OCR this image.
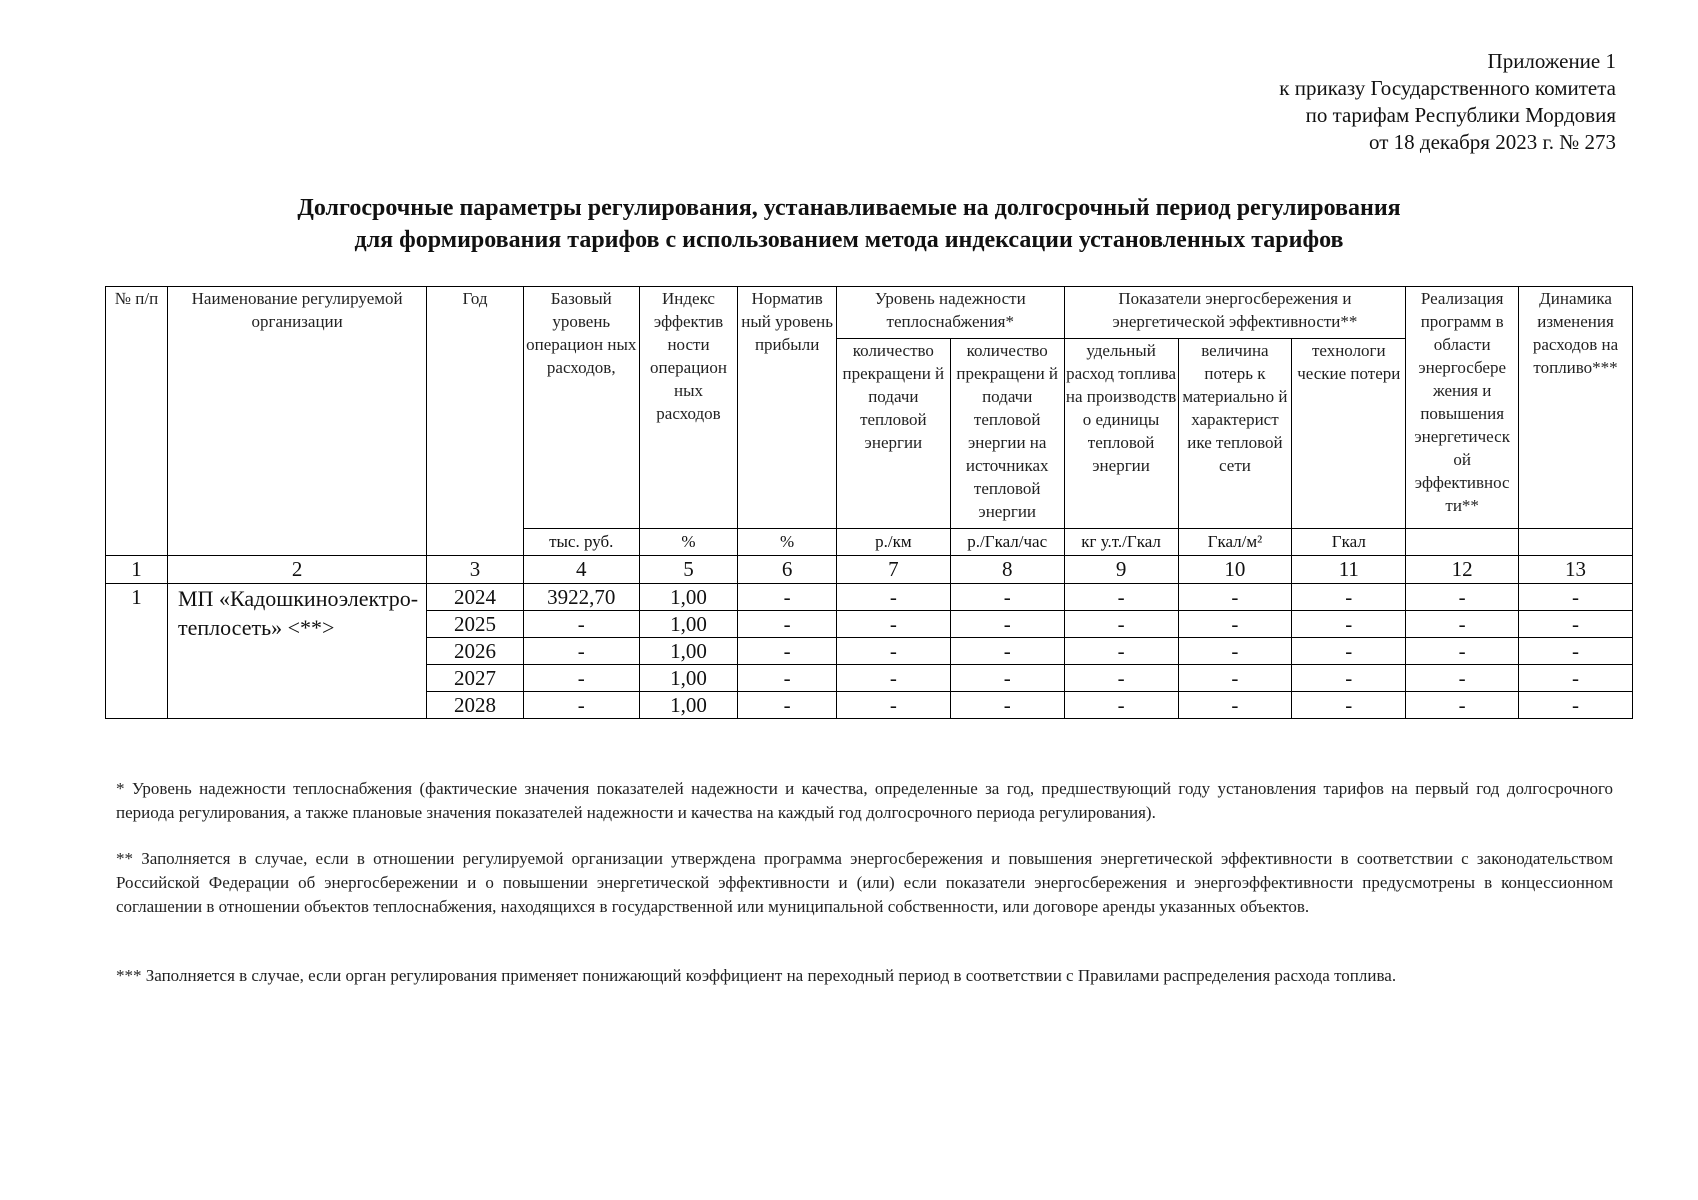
Приложение 1
к приказу Государственного комитета
по тарифам Республики Мордовия
от 18 декабря 2023 г. № 273
Долгосрочные параметры регулирования, устанавливаемые на долгосрочный период регулирования
для формирования тарифов с использованием метода индексации установленных тарифов
№ п/п	Наименование регулируемой организации	Год	Базовый уровень операцион ных расходов,	Индекс эффектив ности операцион ных расходов	Норматив ный уровень прибыли	Уровень надежности теплоснабжения*		Показатели энергосбережения и энергетической эффективности**			Реализация программ в области энергосбере жения и повышения энергетическ ой эффективнос ти**	Динамика изменения расходов на топливо***
						количество прекращени й подачи тепловой энергии	количество прекращени й подачи тепловой энергии на источниках тепловой энергии	удельный расход топлива на производств о единицы тепловой энергии	величина потерь к материально й характерист ике тепловой сети	технологи ческие потери		
			тыс. руб.	%	%	р./км	р./Гкал/час	кг у.т./Гкал	Гкал/м²	Гкал		
1	2	3	4	5	6	7	8	9	10	11	12	13
1	МП «Кадошкиноэлектро-теплосеть» <**>	2024	3922,70	1,00	-	-	-	-	-	-	-	-
		2025	-	1,00	-	-	-	-	-	-	-	-
		2026	-	1,00	-	-	-	-	-	-	-	-
		2027	-	1,00	-	-	-	-	-	-	-	-
		2028	-	1,00	-	-	-	-	-	-	-	-
* Уровень надежности теплоснабжения (фактические значения показателей надежности и качества, определенные за год, предшествующий году установления тарифов на первый год долгосрочного периода регулирования, а также плановые значения показателей надежности и качества на каждый год долгосрочного периода регулирования).
** Заполняется в случае, если в отношении регулируемой организации утверждена программа энергосбережения и повышения энергетической эффективности в соответствии с законодательством Российской Федерации об энергосбережении и о повышении энергетической эффективности и (или) если показатели энергосбережения и энергоэффективности предусмотрены в концессионном соглашении в отношении объектов теплоснабжения, находящихся в государственной или муниципальной собственности, или договоре аренды указанных объектов.
*** Заполняется в случае, если орган регулирования применяет понижающий коэффициент на переходный период в соответствии с Правилами распределения расхода топлива.
